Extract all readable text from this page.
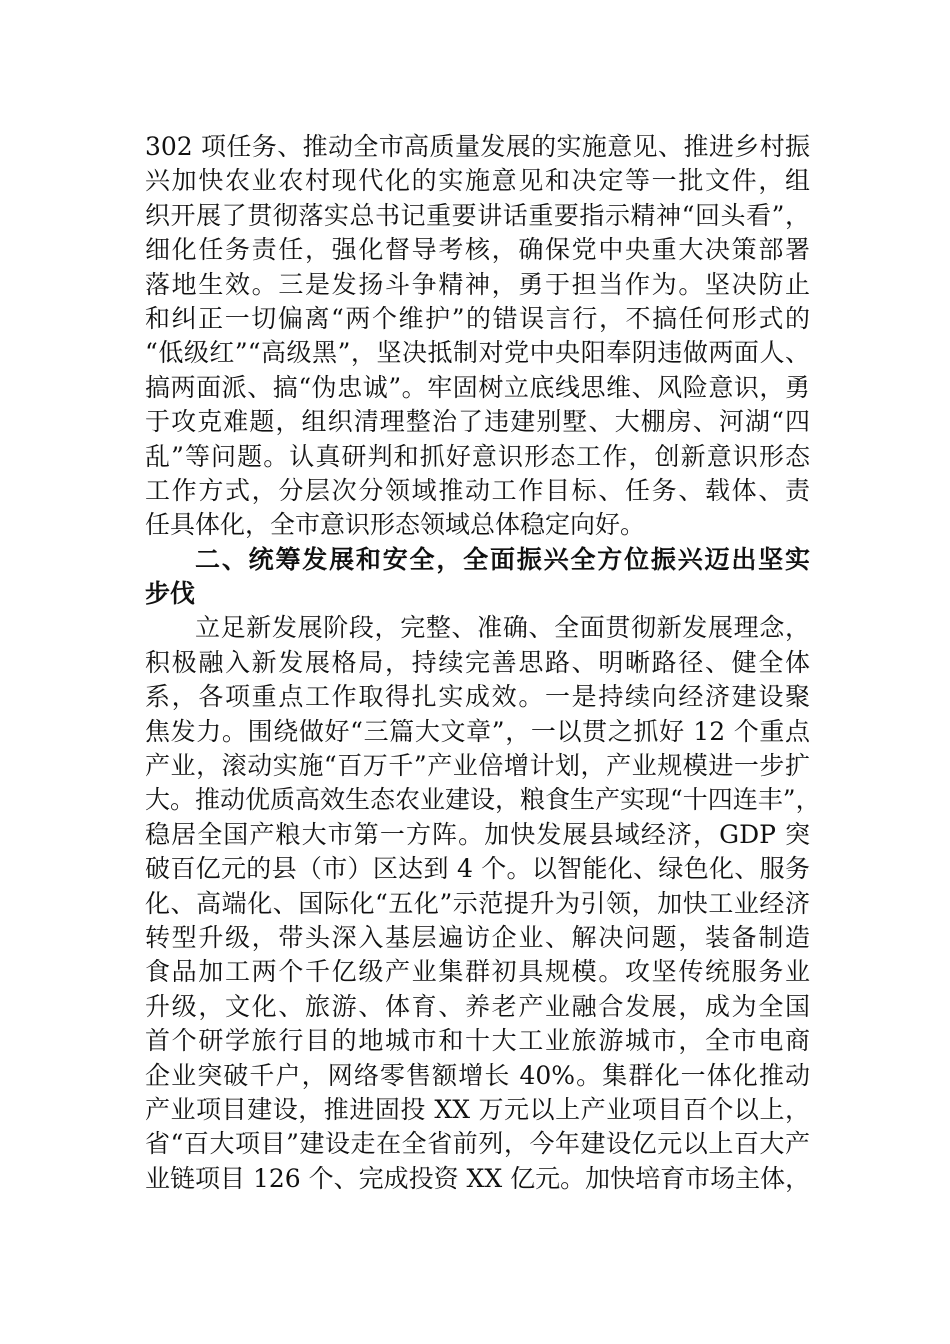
302 项任务、推动全市高质量发展的实施意见、推进乡村振
兴加快农业农村现代化的实施意见和决定等一批文件，组
织开展了贯彻落实总书记重要讲话重要指示精神“回头看”，
细化任务责任，强化督导考核，确保党中央重大决策部署
落地生效。三是发扬斗争精神，勇于担当作为。坚决防止
和纠正一切偏离“两个维护”的错误言行，不搞任何形式的
“低级红”“高级黑”，坚决抵制对党中央阳奉阴违做两面人、
搞两面派、搞“伪忠诚”。牢固树立底线思维、风险意识，勇
于攻克难题，组织清理整治了违建别墅、大棚房、河湖“四
乱”等问题。认真研判和抓好意识形态工作，创新意识形态
工作方式，分层次分领域推动工作目标、任务、载体、责
任具体化，全市意识形态领域总体稳定向好。
二、统筹发展和安全，全面振兴全方位振兴迈出坚实
步伐
立足新发展阶段，完整、准确、全面贯彻新发展理念，
积极融入新发展格局，持续完善思路、明晰路径、健全体
系，各项重点工作取得扎实成效。一是持续向经济建设聚
焦发力。围绕做好“三篇大文章”，一以贯之抓好 12 个重点
产业，滚动实施“百万千”产业倍增计划，产业规模进一步扩
大。推动优质高效生态农业建设，粮食生产实现“十四连丰”，
稳居全国产粮大市第一方阵。加快发展县域经济，GDP 突
破百亿元的县（市）区达到 4 个。以智能化、绿色化、服务
化、高端化、国际化“五化”示范提升为引领，加快工业经济
转型升级，带头深入基层遍访企业、解决问题，装备制造
食品加工两个千亿级产业集群初具规模。攻坚传统服务业
升级，文化、旅游、体育、养老产业融合发展，成为全国
首个研学旅行目的地城市和十大工业旅游城市，全市电商
企业突破千户，网络零售额增长 40%。集群化一体化推动
产业项目建设，推进固投 XX 万元以上产业项目百个以上，
省“百大项目”建设走在全省前列，今年建设亿元以上百大产
业链项目 126 个、完成投资 XX 亿元。加快培育市场主体，
